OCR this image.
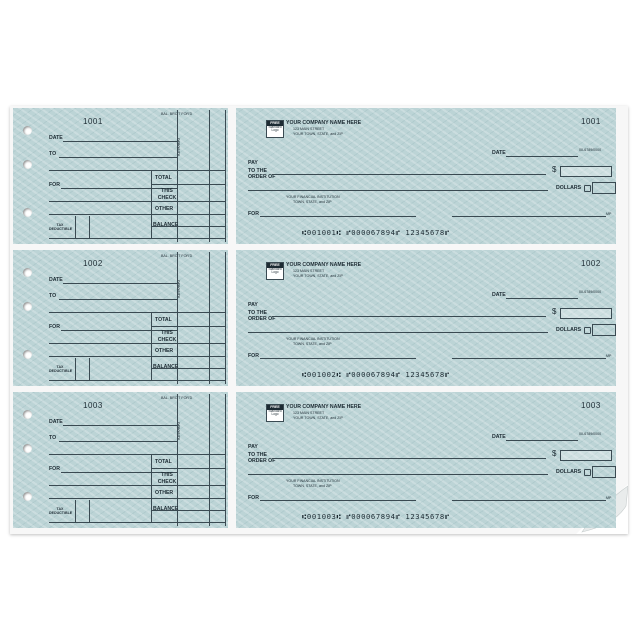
1001
DATE
TO
FOR
BAL. BRO'T FOR'D
DEPOSITS
TOTAL
THIS CHECK
OTHER
BALANCE
TAX DEDUCTIBLE
FREE
Standard Logo
YOUR COMPANY NAME HERE
123 MAIN STREET
YOUR TOWN, STATE, and ZIP
1001
DATE	00-6789/0000
PAY
TO THE ORDER OF
$
DOLLARS
YOUR FINANCIAL INSTITUTION
TOWN, STATE, and ZIP
FOR	MP
⑆001001⑆ ⑈000067894⑈ 12345678⑈
1002
DATE
TO
FOR
BAL. BRO'T FOR'D
DEPOSITS
TOTAL
THIS CHECK
OTHER
BALANCE
TAX DEDUCTIBLE
FREE
Standard Logo
YOUR COMPANY NAME HERE
123 MAIN STREET
YOUR TOWN, STATE, and ZIP
1002
DATE	00-6789/0000
PAY
TO THE ORDER OF
$
DOLLARS
YOUR FINANCIAL INSTITUTION
TOWN, STATE, and ZIP
FOR	MP
⑆001002⑆ ⑈000067894⑈ 12345678⑈
1003
DATE
TO
FOR
BAL. BRO'T FOR'D
DEPOSITS
TOTAL
THIS CHECK
OTHER
BALANCE
TAX DEDUCTIBLE
FREE
Standard Logo
YOUR COMPANY NAME HERE
123 MAIN STREET
YOUR TOWN, STATE, and ZIP
1003
DATE	00-6789/0000
PAY
TO THE ORDER OF
$
DOLLARS
YOUR FINANCIAL INSTITUTION
TOWN, STATE, and ZIP
FOR	MP
⑆001003⑆ ⑈000067894⑈ 12345678⑈
